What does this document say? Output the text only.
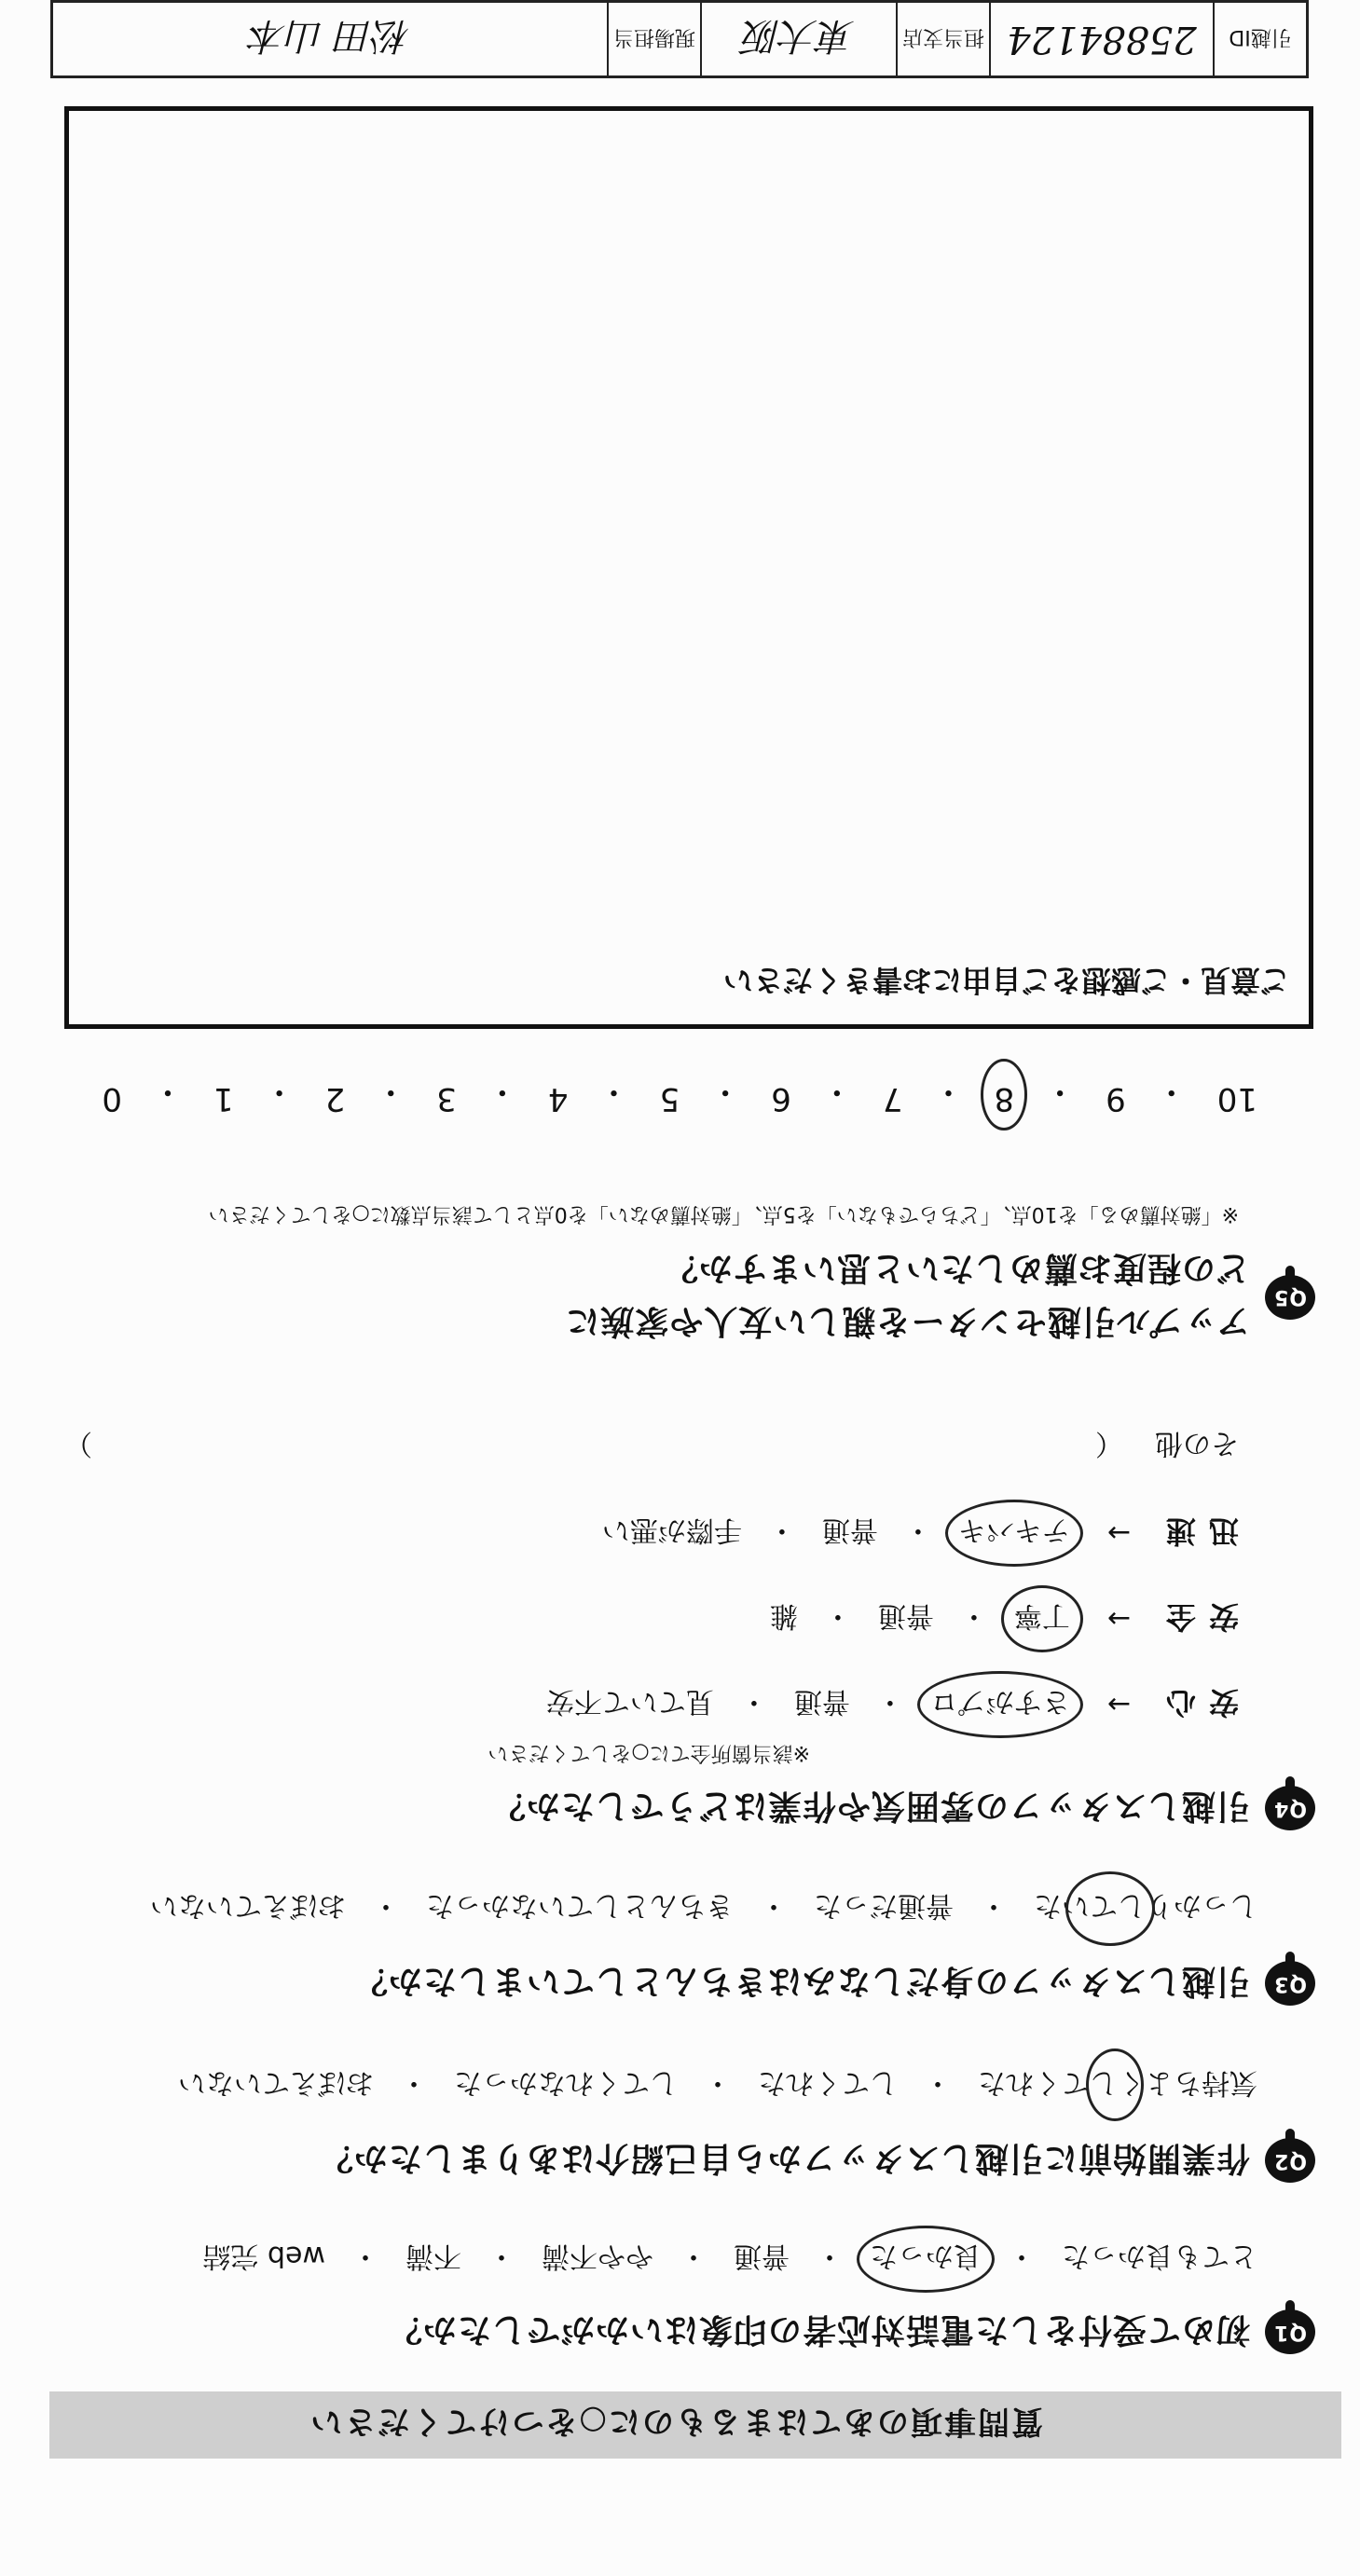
質問事項のあてはまるものに○をつけてください
Q1
初めて受付をした電話対応者の印象はいかがでしたか？
とても良かった
・
良かった
・
普通
・
やや不満
・
不満
・
web 完結
Q2
作業開始前に引越しスタッフから自己紹介はありましたか？
気持ちよくしてくれた
・
してくれた
・
してくれなかった
・
おぼえていない
Q3
引越しスタッフの身だしなみはきちんとしていましたか？
しっかりしていた
・
普通だった
・
きちんとしていなかった
・
おぼえていない
Q4
引越しスタッフの雰囲気や作業はどうでしたか？
※該当箇所全てに○をしてください
安心
→
さすがプロ
・
普通
・
見ていて不安
安全
→
丁寧
・
普通
・
雑
迅速
→
テキパキ
・
普通
・
手際が悪い
その他
（
）
Q5
アップル引越センターを親しい友人や家族に
どの程度お薦めしたいと思いますか？
※「絶対薦める」を10点、「どちらでもない」を5点、「絶対薦めない」を0点として該当点数に○をしてください
10
・
9
・
8
・
7
・
6
・
5
・
4
・
3
・
2
・
1
・
0
ご意見・ご感想をご自由にお書きください
引越ID
25884124
担当支店
東大阪
現場担当
松田 山本
